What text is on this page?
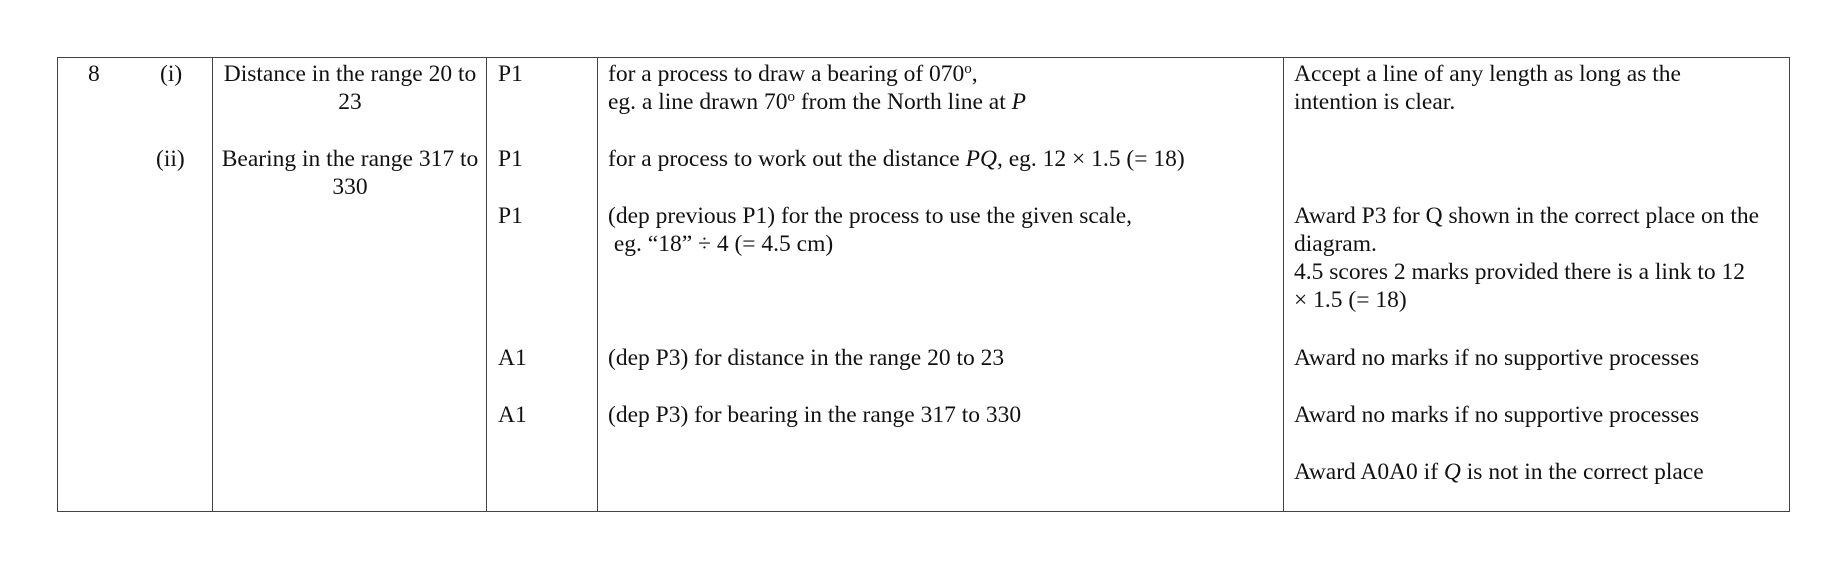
8	(i)
(ii)
Distance in the range 20 to 23
Bearing in the range 317 to 330
P1
P1
P1
A1
A1
for a process to draw a bearing of 070$^o$,
eg. a line drawn 70$^o$ from the North line at P
for a process to work out the distance PQ, eg. 12 × 1.5 (= 18)
(dep previous P1) for the process to use the given scale,
eg. “18” ÷ 4 (= 4.5 cm)
(dep P3) for distance in the range 20 to 23
(dep P3) for bearing in the range 317 to 330
Accept a line of any length as long as the intention is clear.
Award P3 for Q shown in the correct place on the diagram.
4.5 scores 2 marks provided there is a link to 12 × 1.5 (= 18)
Award no marks if no supportive processes
Award no marks if no supportive processes
Award A0A0 if Q is not in the correct place
